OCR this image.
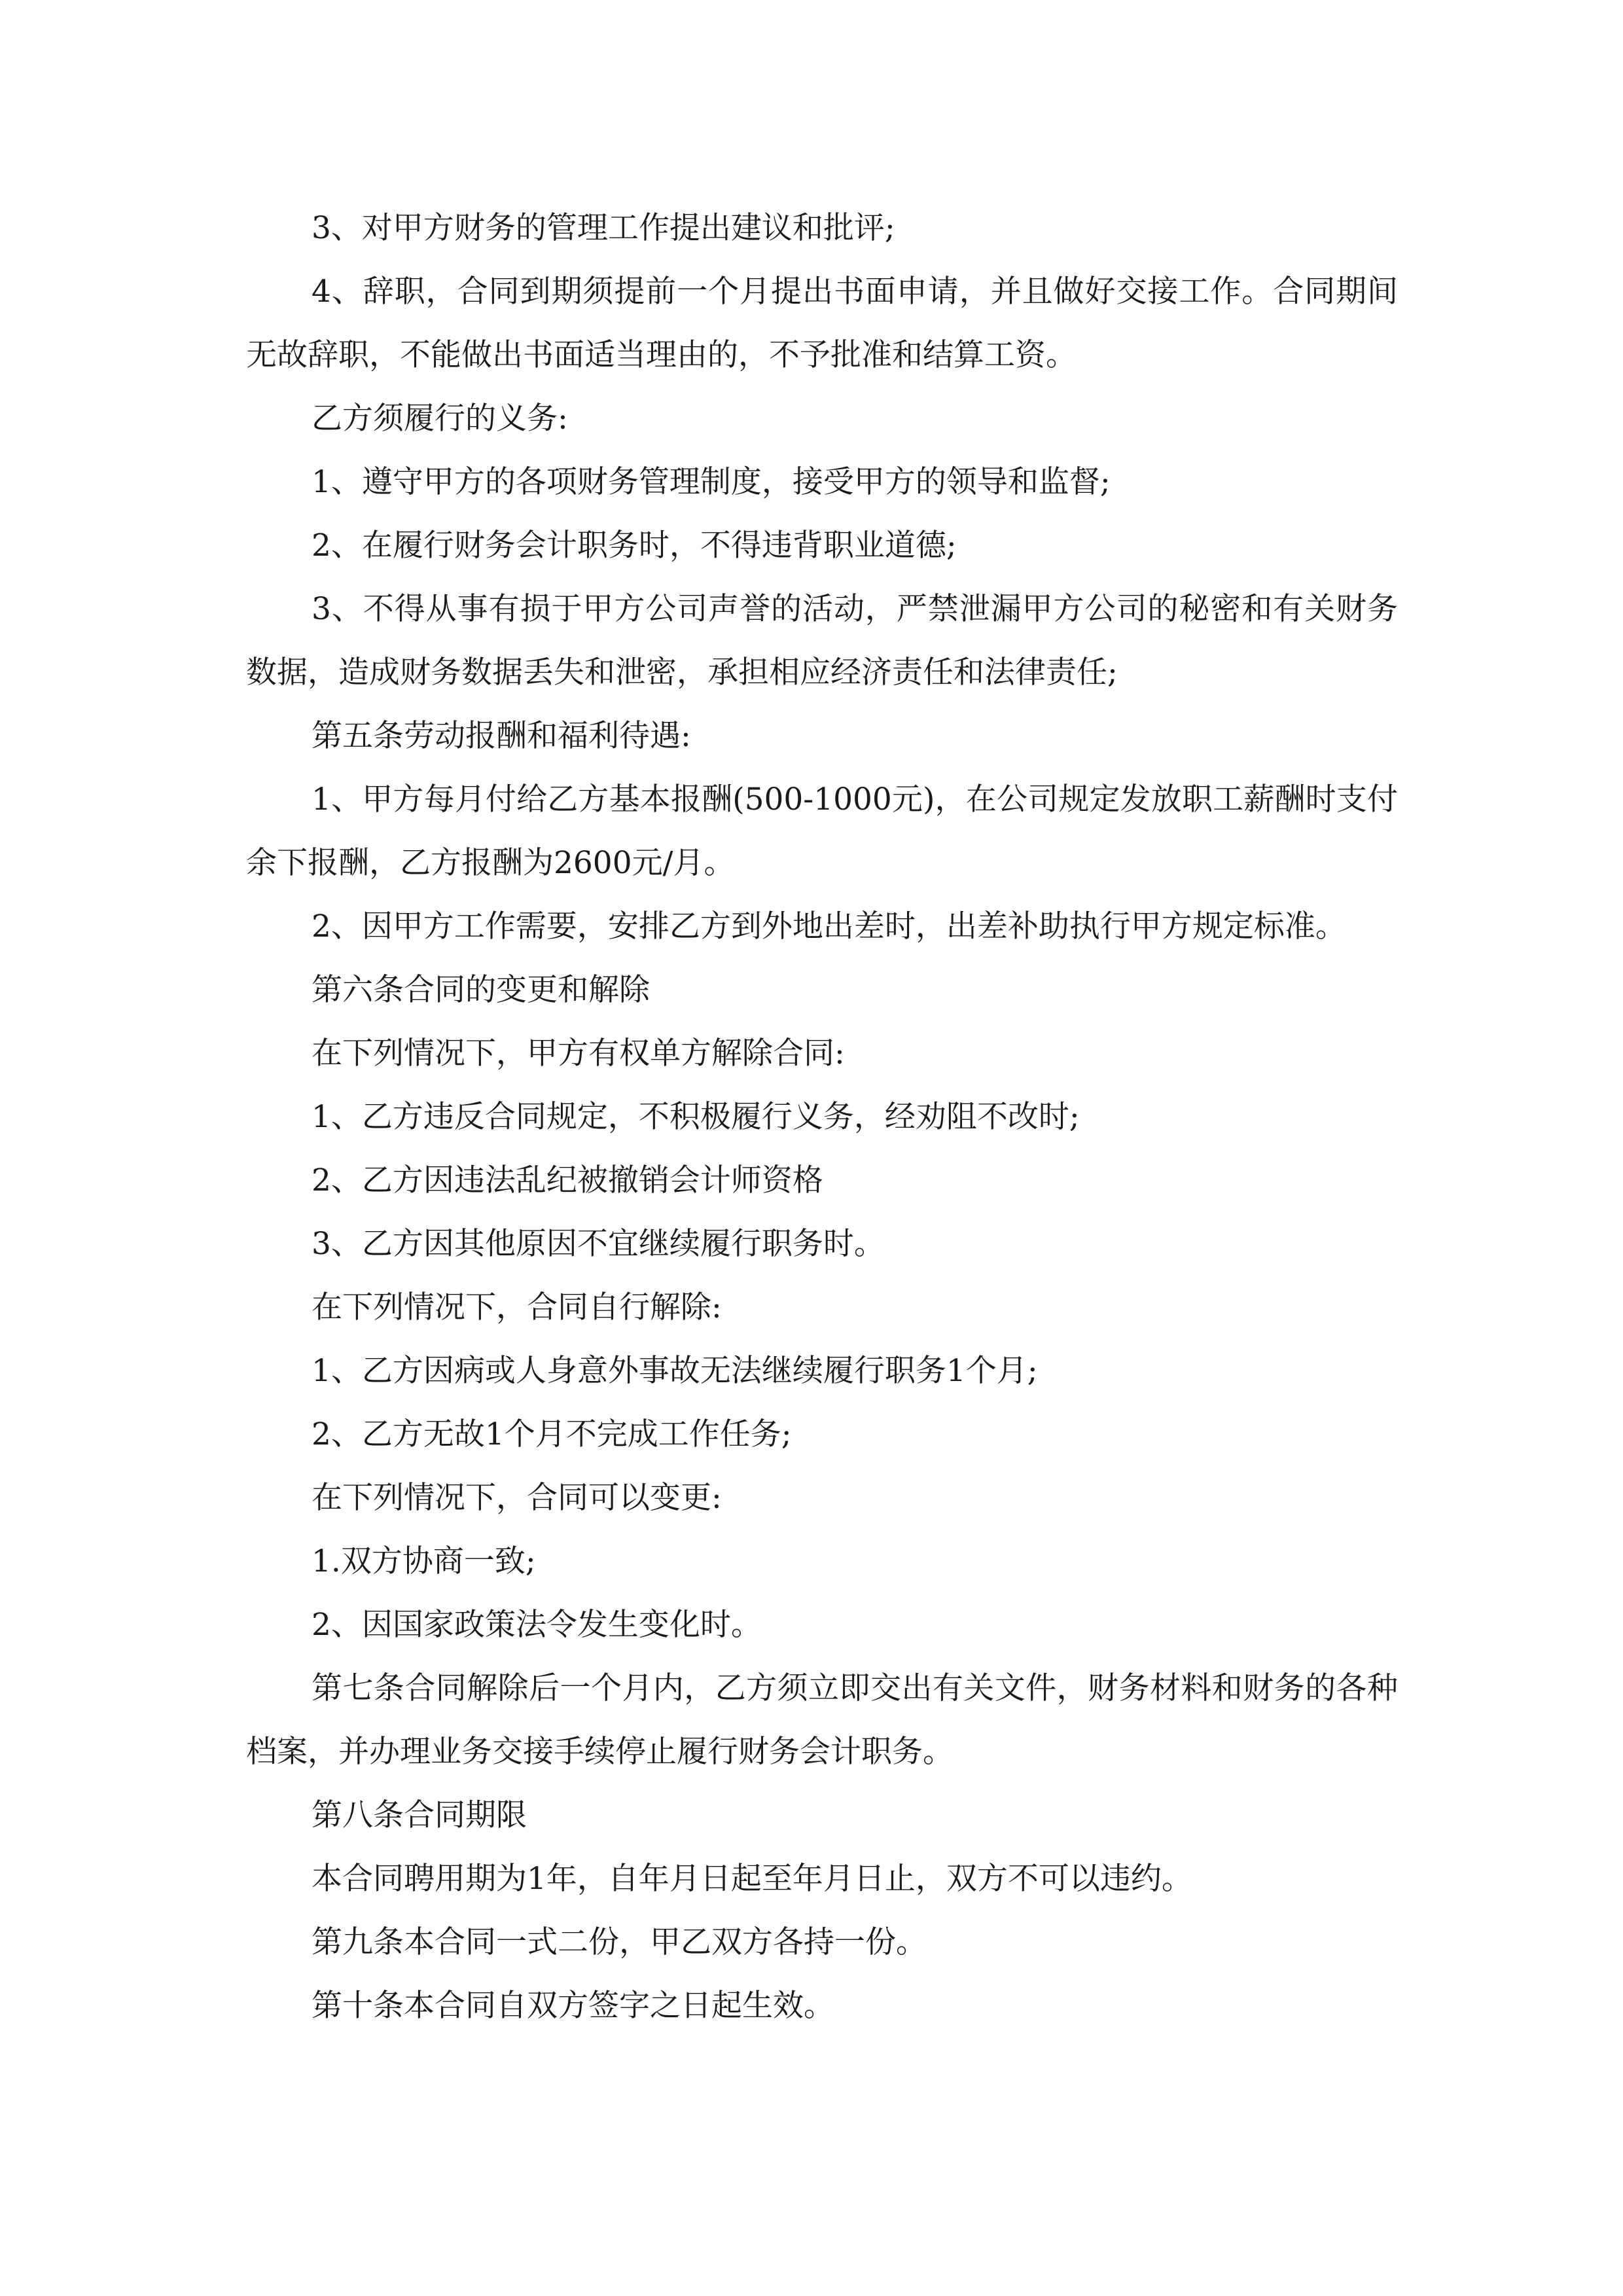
3、对甲方财务的管理工作提出建议和批评;

4、辞职，合同到期须提前一个月提出书面申请，并且做好交接工作。合同期间无故辞职，不能做出书面适当理由的，不予批准和结算工资。

乙方须履行的义务:

1、遵守甲方的各项财务管理制度，接受甲方的领导和监督;

2、在履行财务会计职务时，不得违背职业道德;

3、不得从事有损于甲方公司声誉的活动，严禁泄漏甲方公司的秘密和有关财务数据，造成财务数据丢失和泄密，承担相应经济责任和法律责任;

第五条劳动报酬和福利待遇:

1、甲方每月付给乙方基本报酬(500-1000元)，在公司规定发放职工薪酬时支付余下报酬，乙方报酬为2600元/月。

2、因甲方工作需要，安排乙方到外地出差时，出差补助执行甲方规定标准。

第六条合同的变更和解除

在下列情况下，甲方有权单方解除合同:

1、乙方违反合同规定，不积极履行义务，经劝阻不改时;

2、乙方因违法乱纪被撤销会计师资格

3、乙方因其他原因不宜继续履行职务时。

在下列情况下，合同自行解除:

1、乙方因病或人身意外事故无法继续履行职务1个月;

2、乙方无故1个月不完成工作任务;

在下列情况下，合同可以变更:

1.双方协商一致;

2、因国家政策法令发生变化时。

第七条合同解除后一个月内，乙方须立即交出有关文件，财务材料和财务的各种档案，并办理业务交接手续停止履行财务会计职务。

第八条合同期限

本合同聘用期为1年，自年月日起至年月日止，双方不可以违约。

第九条本合同一式二份，甲乙双方各持一份。

第十条本合同自双方签字之日起生效。
